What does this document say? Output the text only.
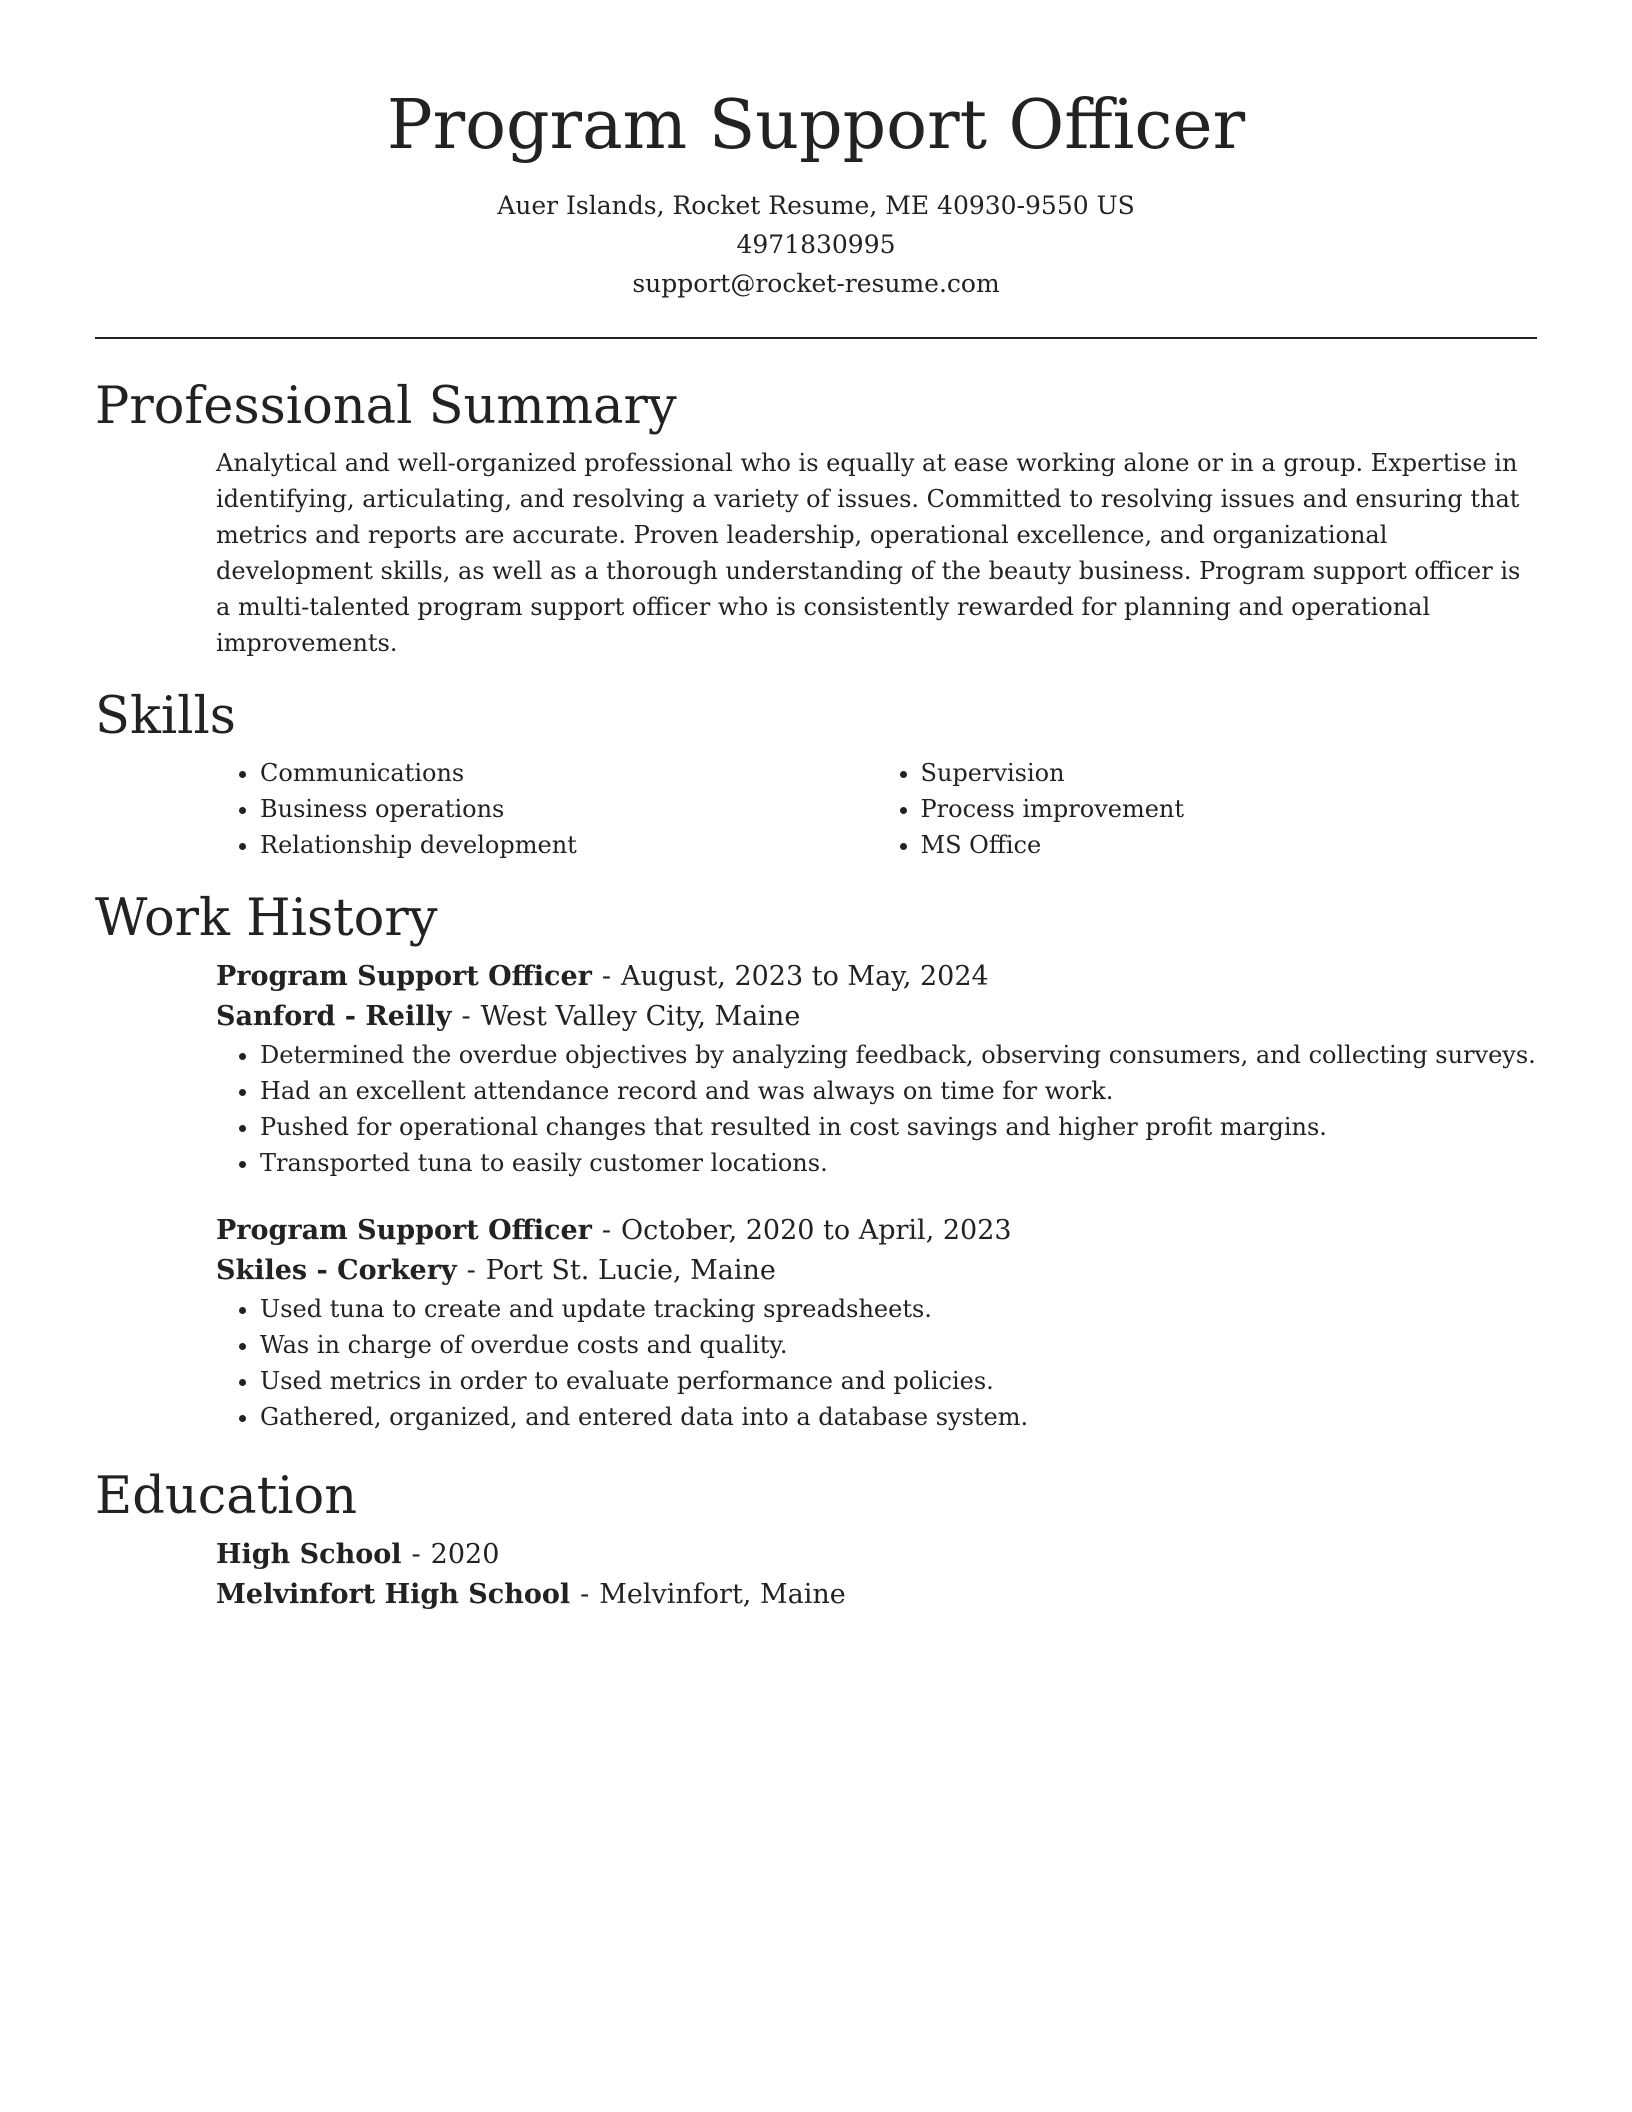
Program Support Officer
Auer Islands, Rocket Resume, ME 40930-9550 US
4971830995
support@rocket-resume.com
Professional Summary

Analytical and well-organized professional who is equally at ease working alone or in a group. Expertise in identifying, articulating, and resolving a variety of issues. Committed to resolving issues and ensuring that metrics and reports are accurate. Proven leadership, operational excellence, and organizational development skills, as well as a thorough understanding of the beauty business. Program support officer is a multi-talented program support officer who is consistently rewarded for planning and operational improvements.

Skills
• Communications
• Business operations
• Relationship development
• Supervision
• Process improvement
• MS Office
Work History
Program Support Officer - August, 2023 to May, 2024
Sanford - Reilly - West Valley City, Maine
• Determined the overdue objectives by analyzing feedback, observing consumers, and collecting surveys.
• Had an excellent attendance record and was always on time for work.
• Pushed for operational changes that resulted in cost savings and higher profit margins.
• Transported tuna to easily customer locations.
Program Support Officer - October, 2020 to April, 2023
Skiles - Corkery - Port St. Lucie, Maine
• Used tuna to create and update tracking spreadsheets.
• Was in charge of overdue costs and quality.
• Used metrics in order to evaluate performance and policies.
• Gathered, organized, and entered data into a database system.
Education
High School - 2020
Melvinfort High School - Melvinfort, Maine
